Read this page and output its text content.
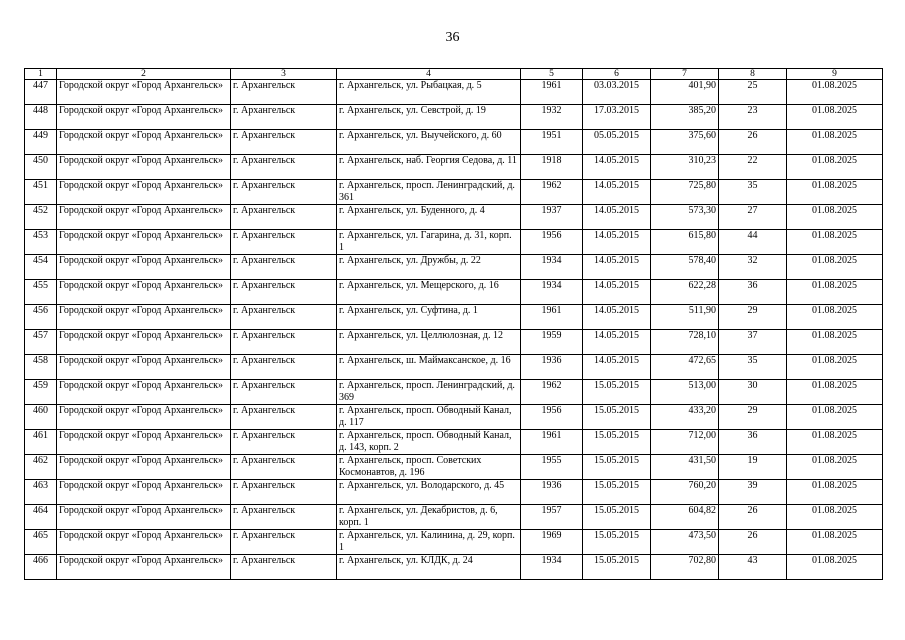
36
1	2	3	4	5	6	7	8	9
447	Городской округ «Город Архангельск»	г. Архангельск	г. Архангельск, ул. Рыбацкая, д. 5	1961	03.03.2015	401,90	25	01.08.2025
448	Городской округ «Город Архангельск»	г. Архангельск	г. Архангельск, ул. Севстрой, д. 19	1932	17.03.2015	385,20	23	01.08.2025
449	Городской округ «Город Архангельск»	г. Архангельск	г. Архангельск, ул. Выучейского, д. 60	1951	05.05.2015	375,60	26	01.08.2025
450	Городской округ «Город Архангельск»	г. Архангельск	г. Архангельск, наб. Георгия Седова, д. 11	1918	14.05.2015	310,23	22	01.08.2025
451	Городской округ «Город Архангельск»	г. Архангельск	г. Архангельск, просп. Ленинградский, д. 361	1962	14.05.2015	725,80	35	01.08.2025
452	Городской округ «Город Архангельск»	г. Архангельск	г. Архангельск, ул. Буденного, д. 4	1937	14.05.2015	573,30	27	01.08.2025
453	Городской округ «Город Архангельск»	г. Архангельск	г. Архангельск, ул. Гагарина, д. 31, корп. 1	1956	14.05.2015	615,80	44	01.08.2025
454	Городской округ «Город Архангельск»	г. Архангельск	г. Архангельск, ул. Дружбы, д. 22	1934	14.05.2015	578,40	32	01.08.2025
455	Городской округ «Город Архангельск»	г. Архангельск	г. Архангельск, ул. Мещерского, д. 16	1934	14.05.2015	622,28	36	01.08.2025
456	Городской округ «Город Архангельск»	г. Архангельск	г. Архангельск, ул. Суфтина, д. 1	1961	14.05.2015	511,90	29	01.08.2025
457	Городской округ «Город Архангельск»	г. Архангельск	г. Архангельск, ул. Целлюлозная, д. 12	1959	14.05.2015	728,10	37	01.08.2025
458	Городской округ «Город Архангельск»	г. Архангельск	г. Архангельск, ш. Маймаксанское, д. 16	1936	14.05.2015	472,65	35	01.08.2025
459	Городской округ «Город Архангельск»	г. Архангельск	г. Архангельск, просп. Ленинградский, д. 369	1962	15.05.2015	513,00	30	01.08.2025
460	Городской округ «Город Архангельск»	г. Архангельск	г. Архангельск, просп. Обводный Канал, д. 117	1956	15.05.2015	433,20	29	01.08.2025
461	Городской округ «Город Архангельск»	г. Архангельск	г. Архангельск, просп. Обводный Канал, д. 143, корп. 2	1961	15.05.2015	712,00	36	01.08.2025
462	Городской округ «Город Архангельск»	г. Архангельск	г. Архангельск, просп. Советских Космонавтов, д. 196	1955	15.05.2015	431,50	19	01.08.2025
463	Городской округ «Город Архангельск»	г. Архангельск	г. Архангельск, ул. Володарского, д. 45	1936	15.05.2015	760,20	39	01.08.2025
464	Городской округ «Город Архангельск»	г. Архангельск	г. Архангельск, ул. Декабристов, д. 6, корп. 1	1957	15.05.2015	604,82	26	01.08.2025
465	Городской округ «Город Архангельск»	г. Архангельск	г. Архангельск, ул. Калинина, д. 29, корп. 1	1969	15.05.2015	473,50	26	01.08.2025
466	Городской округ «Город Архангельск»	г. Архангельск	г. Архангельск, ул. КЛДК, д. 24	1934	15.05.2015	702,80	43	01.08.2025
